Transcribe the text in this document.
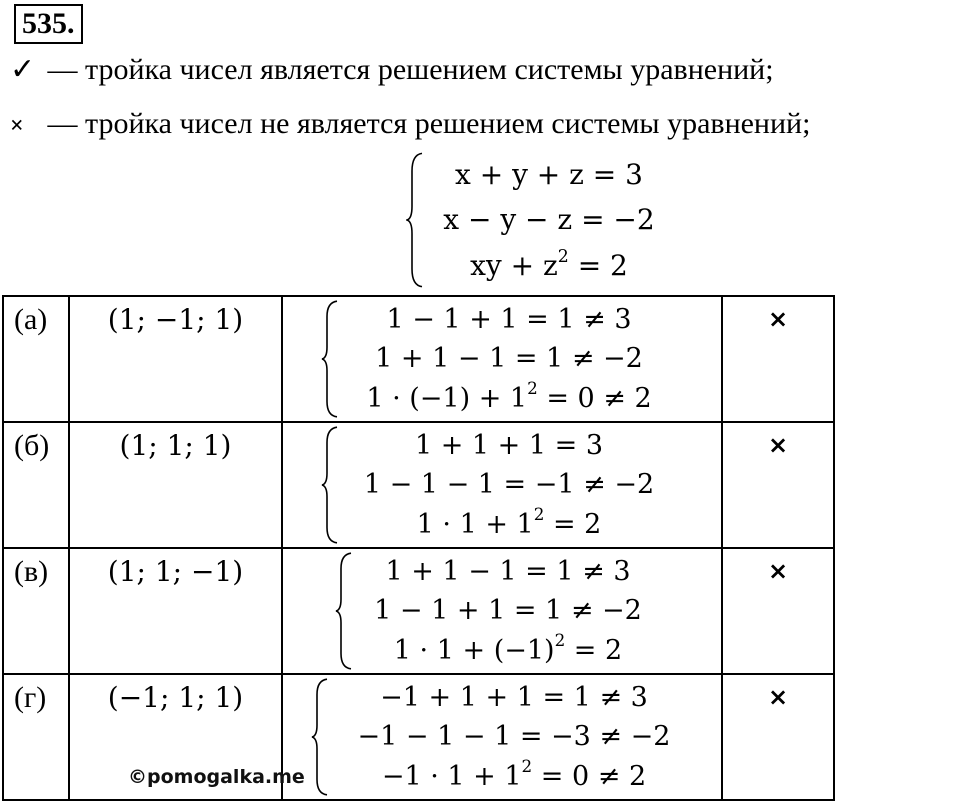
535.
✓ — тройка чисел является решением системы уравнений;
× — тройка чисел не является решением системы уравнений;
x + y + z = 3
x − y − z = −2
xy + $z^2 = 2$
(а)	(1; −1; 1)	1 − 1 + 1 = 1 ≠ 3
1 + 1 − 1 = 1 ≠ −2
$1 \cdot (-1) + 1^2 = 0 \ne 2$	×
(б)	(1; 1; 1)	1 + 1 + 1 = 3
1 − 1 − 1 = −1 ≠ −2
$1 \cdot 1 + 1^2 = 2$	×
(в)	(1; 1; −1)	1 + 1 − 1 = 1 ≠ 3
1 − 1 + 1 = 1 ≠ −2
$1 \cdot 1 + (-1)^2 = 2$	×
(г)	(−1; 1; 1)	−1 + 1 + 1 = 1 ≠ 3
−1 − 1 − 1 = −3 ≠ −2
$-1 \cdot 1 + 1^2 = 0 \ne 2$	×
©pomogalka.me
